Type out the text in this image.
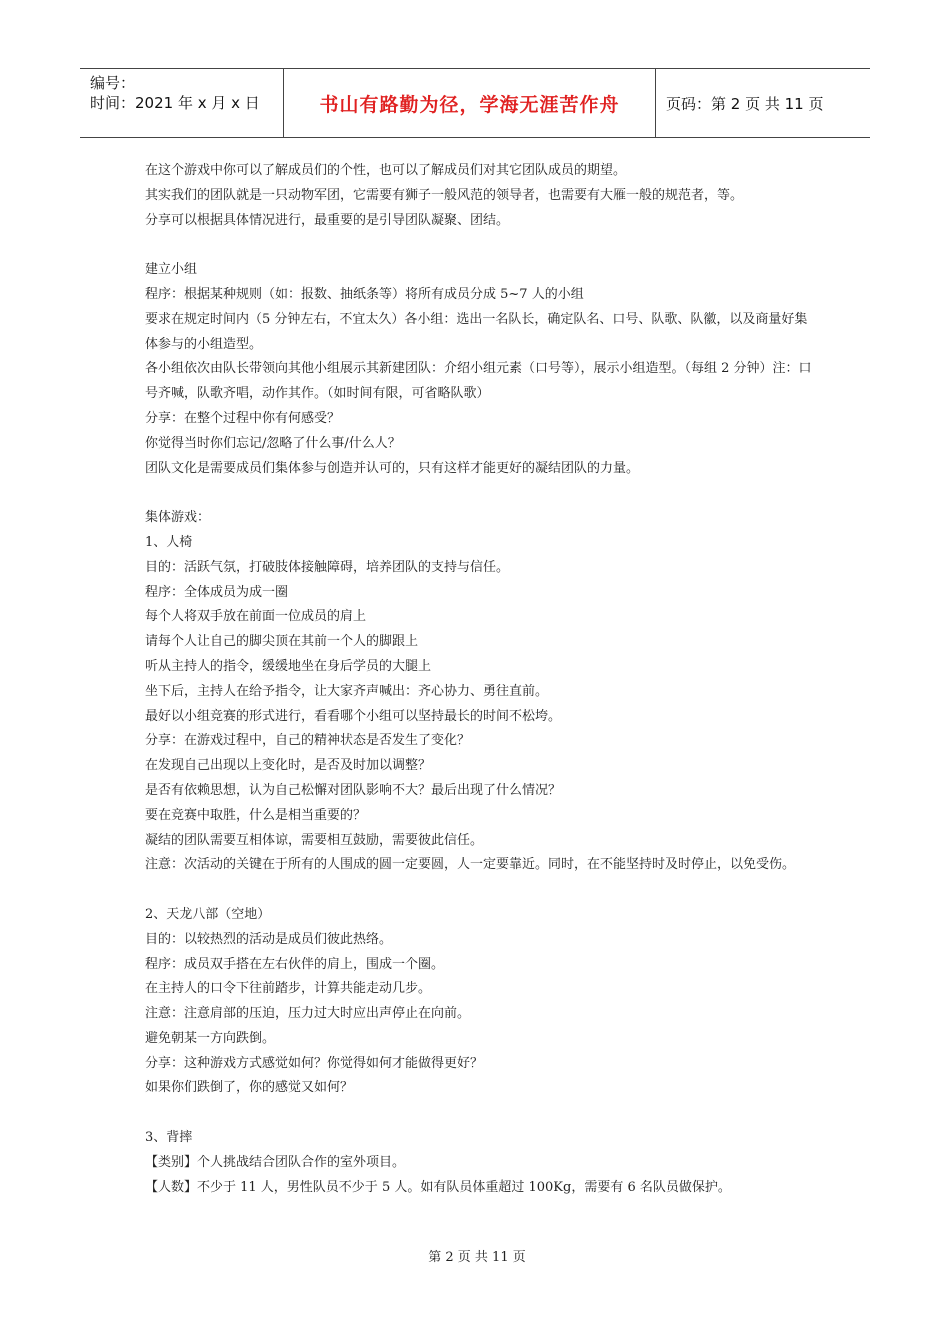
编号：
时间：2021 年 x 月 x 日	书山有路勤为径，学海无涯苦作舟	页码：第 2 页 共 11 页

在这个游戏中你可以了解成员们的个性，也可以了解成员们对其它团队成员的期望。

其实我们的团队就是一只动物军团，它需要有狮子一般风范的领导者，也需要有大雁一般的规范者，等。

分享可以根据具体情况进行，最重要的是引导团队凝聚、团结。

建立小组

程序：根据某种规则（如：报数、抽纸条等）将所有成员分成 5~7 人的小组

要求在规定时间内（5 分钟左右，不宜太久）各小组：选出一名队长，确定队名、口号、队歌、队徽，以及商量好集体参与的小组造型。

各小组依次由队长带领向其他小组展示其新建团队：介绍小组元素（口号等），展示小组造型。（每组 2 分钟）注：口号齐喊，队歌齐唱，动作其作。（如时间有限，可省略队歌）

分享：在整个过程中你有何感受？

你觉得当时你们忘记/忽略了什么事/什么人？

团队文化是需要成员们集体参与创造并认可的，只有这样才能更好的凝结团队的力量。

集体游戏：

1、人椅

目的：活跃气氛，打破肢体接触障碍，培养团队的支持与信任。

程序：全体成员为成一圈

每个人将双手放在前面一位成员的肩上

请每个人让自己的脚尖顶在其前一个人的脚跟上

听从主持人的指令，缓缓地坐在身后学员的大腿上

坐下后，主持人在给予指令，让大家齐声喊出：齐心协力、勇往直前。

最好以小组竞赛的形式进行，看看哪个小组可以坚持最长的时间不松垮。

分享：在游戏过程中，自己的精神状态是否发生了变化？

在发现自己出现以上变化时，是否及时加以调整？

是否有依赖思想，认为自己松懈对团队影响不大？最后出现了什么情况？

要在竞赛中取胜，什么是相当重要的？

凝结的团队需要互相体谅，需要相互鼓励，需要彼此信任。

注意：次活动的关键在于所有的人围成的圆一定要圆，人一定要靠近。同时，在不能坚持时及时停止，以免受伤。

2、天龙八部（空地）

目的：以较热烈的活动是成员们彼此热络。

程序：成员双手搭在左右伙伴的肩上，围成一个圈。

在主持人的口令下往前踏步，计算共能走动几步。

注意：注意肩部的压迫，压力过大时应出声停止在向前。

避免朝某一方向跌倒。

分享：这种游戏方式感觉如何？你觉得如何才能做得更好？

如果你们跌倒了，你的感觉又如何？

3、背摔

【类别】个人挑战结合团队合作的室外项目。

【人数】不少于 11 人，男性队员不少于 5 人。如有队员体重超过 100Kg，需要有 6 名队员做保护。

第 2 页 共 11 页
